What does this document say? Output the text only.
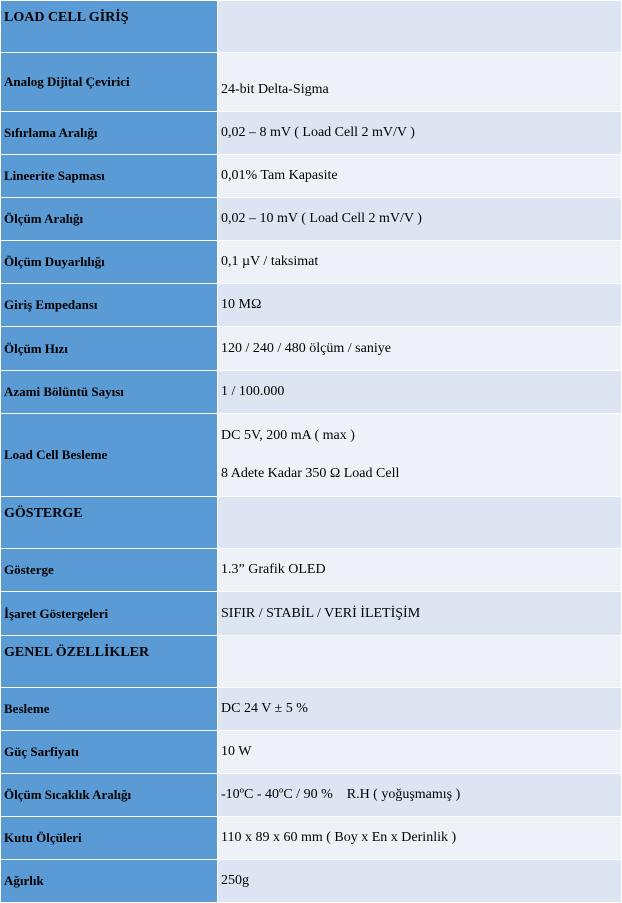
LOAD CELL GİRİŞ	
Analog Dijital Çevirici	24-bit Delta-Sigma
Sıfırlama Aralığı	0,02 – 8 mV ( Load Cell 2 mV/V )
Lineerite Sapması	0,01% Tam Kapasite
Ölçüm Aralığı	0,02 – 10 mV ( Load Cell 2 mV/V )
Ölçüm Duyarlılığı	0,1 µV / taksimat
Giriş Empedansı	10 MΩ
Ölçüm Hızı	120 / 240 / 480 ölçüm / saniye
Azami Bölüntü Sayısı	1 / 100.000
Load Cell Besleme	DC 5V, 200 mA ( max )
8 Adete Kadar 350 Ω Load Cell

GÖSTERGE	
Gösterge	1.3” Grafik OLED
İşaret Göstergeleri	SIFIR / STABİL / VERİ İLETİŞİM
GENEL ÖZELLİKLER	
Besleme	DC 24 V ± 5 %
Güç Sarfiyatı	10 W
Ölçüm Sıcaklık Aralığı	-10ºC - 40ºC / 90 %    R.H ( yoğuşmamış )
Kutu Ölçüleri	110 x 89 x 60 mm ( Boy x En x Derinlik )
Ağırlık	250g
